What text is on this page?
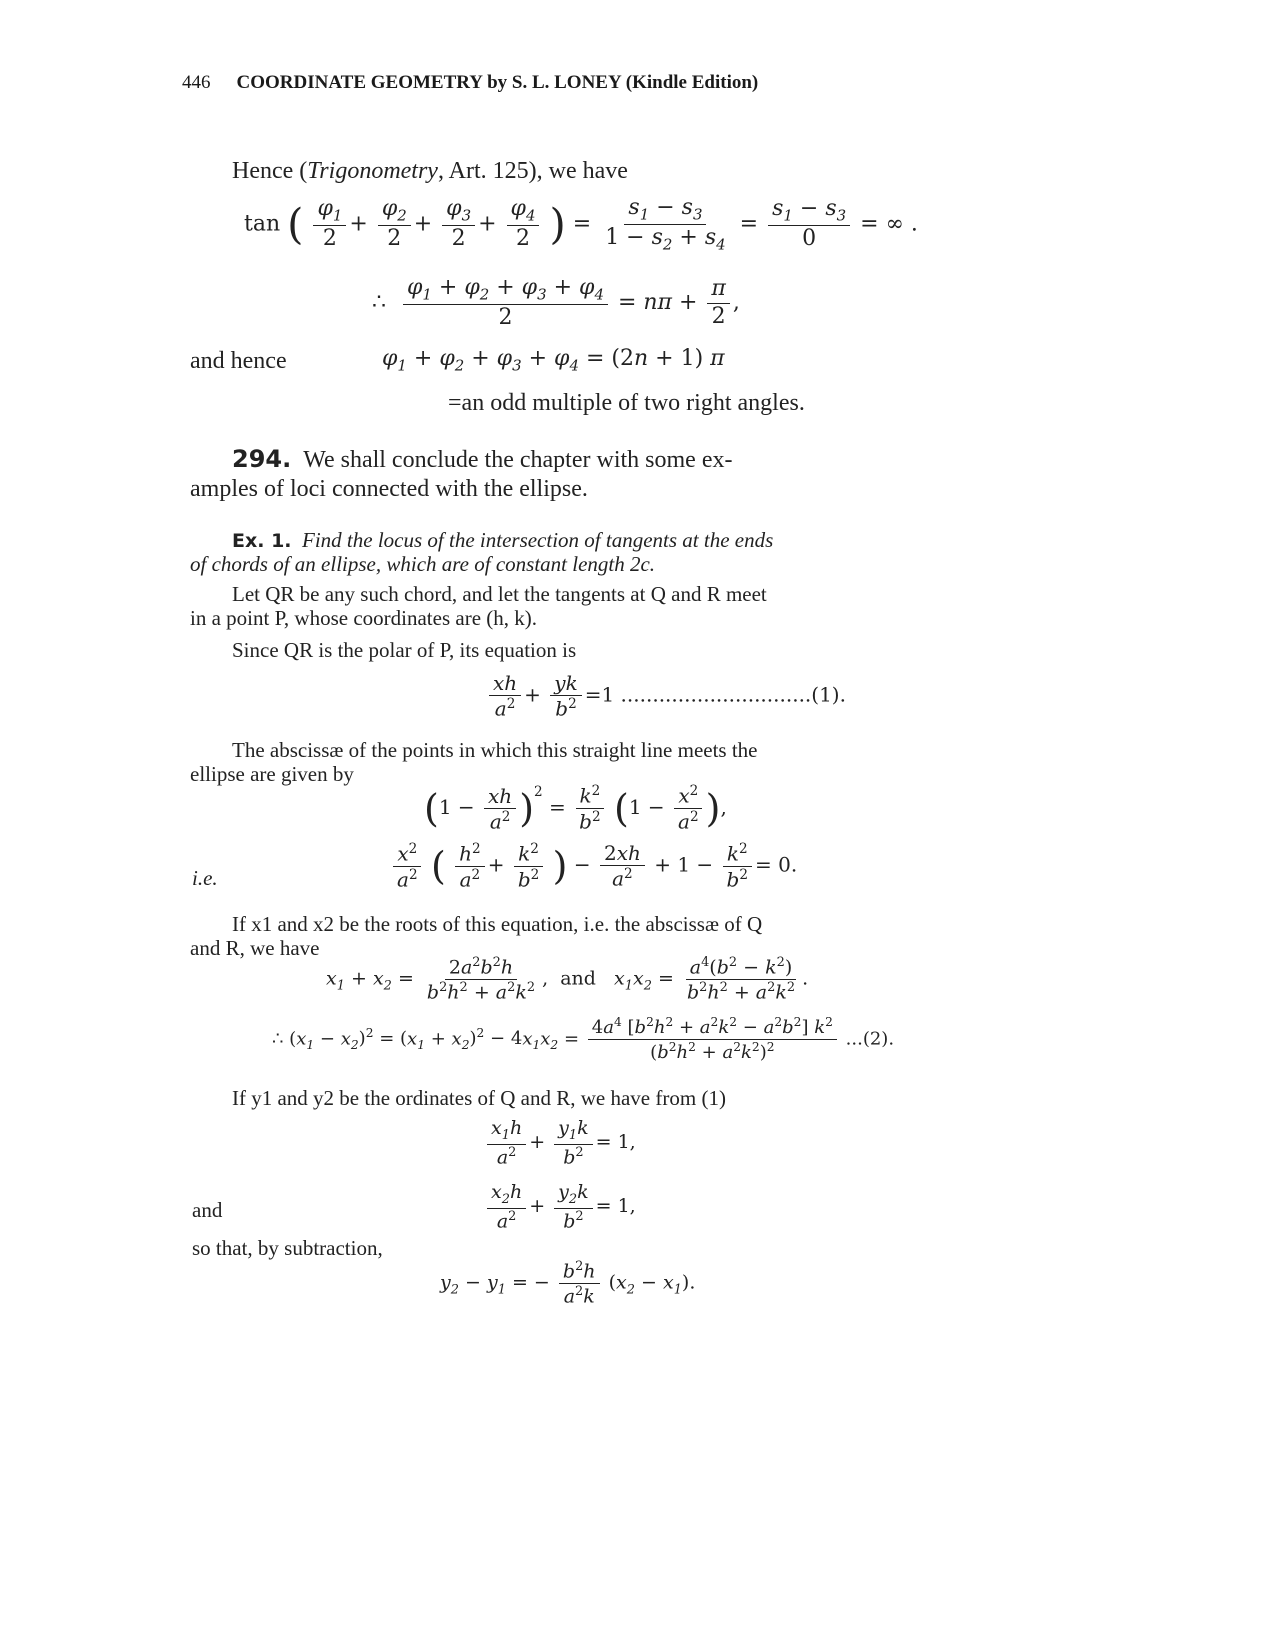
446 COORDINATE GEOMETRY by S. L. LONEY (Kindle Edition)
Hence (Trigonometry, Art. 125), we have
tan ( $\frac{\varphi_1}{2} + \frac{\varphi_2}{2} + \frac{\varphi_3}{2} + \frac{\varphi_4}{2}$ ) = $\frac{s_1 - s_3}{1 - s_2 + s_4} = \frac{s_1 - s_3}{0}$ = ∞ .
∴ $\frac{\varphi_1 + \varphi_2 + \varphi_3 + \varphi_4}{2} = n\pi + \frac{\pi}{2}$ ,
and hence	$\varphi_1 + \varphi_2 + \varphi_3 + \varphi_4 = (2n + 1)$ π
=an odd multiple of two right angles.
294. We shall conclude the chapter with some ex-
amples of loci connected with the ellipse.
Ex. 1. Find the locus of the intersection of tangents at the ends
of chords of an ellipse, which are of constant length 2c.
Let QR be any such chord, and let the tangents at Q and R meet
in a point P, whose coordinates are (h, k).
Since QR is the polar of P, its equation is
$\frac{xh}{a^2} + \frac{yk}{b^2} =1$ ..............................(1).
The abscissæ of the points in which this straight line meets the
ellipse are given by
$(1 - \frac{xh}{a^2} )^2 = \frac{k^2}{b^2} (1 - \frac{x^2}{a^2}$ ),
i.e.	$\frac{x^2}{a^2}$ ( $\frac{h^2}{a^2} + \frac{k^2}{b^2}$ ) − $\frac{2xh}{a^2} + 1 - \frac{k^2}{b^2} = 0$.
If x1 and x2 be the roots of this equation, i.e. the abscissæ of Q
and R, we have
$x_1 + x_2 = \frac{2a^2b^2h}{b^2h^2 + a^2k^2}$ ,  and   $x_1x_2 = \frac{a^4(b^2 - k^2)}{b^2h^2 + a^2k^2}$ .
∴ $(x_1 - x_2)^2 = (x_1 + x_2)^2 - 4x_1x_2 = \frac{4a^4 [b^2h^2 + a^2k^2 - a^2b^2] k^2}{(b^2h^2 + a^2k^2)^2} ...(2)$.
If y1 and y2 be the ordinates of Q and R, we have from (1)
$\frac{x_1h}{a^2} + \frac{y_1k}{b^2} = 1$,
and	$\frac{x_2h}{a^2} + \frac{y_2k}{b^2} = 1$,
so that, by subtraction,
$y_2 - y_1$ = − $\frac{b^2h}{a^2k} (x_2 - x_1)$.
